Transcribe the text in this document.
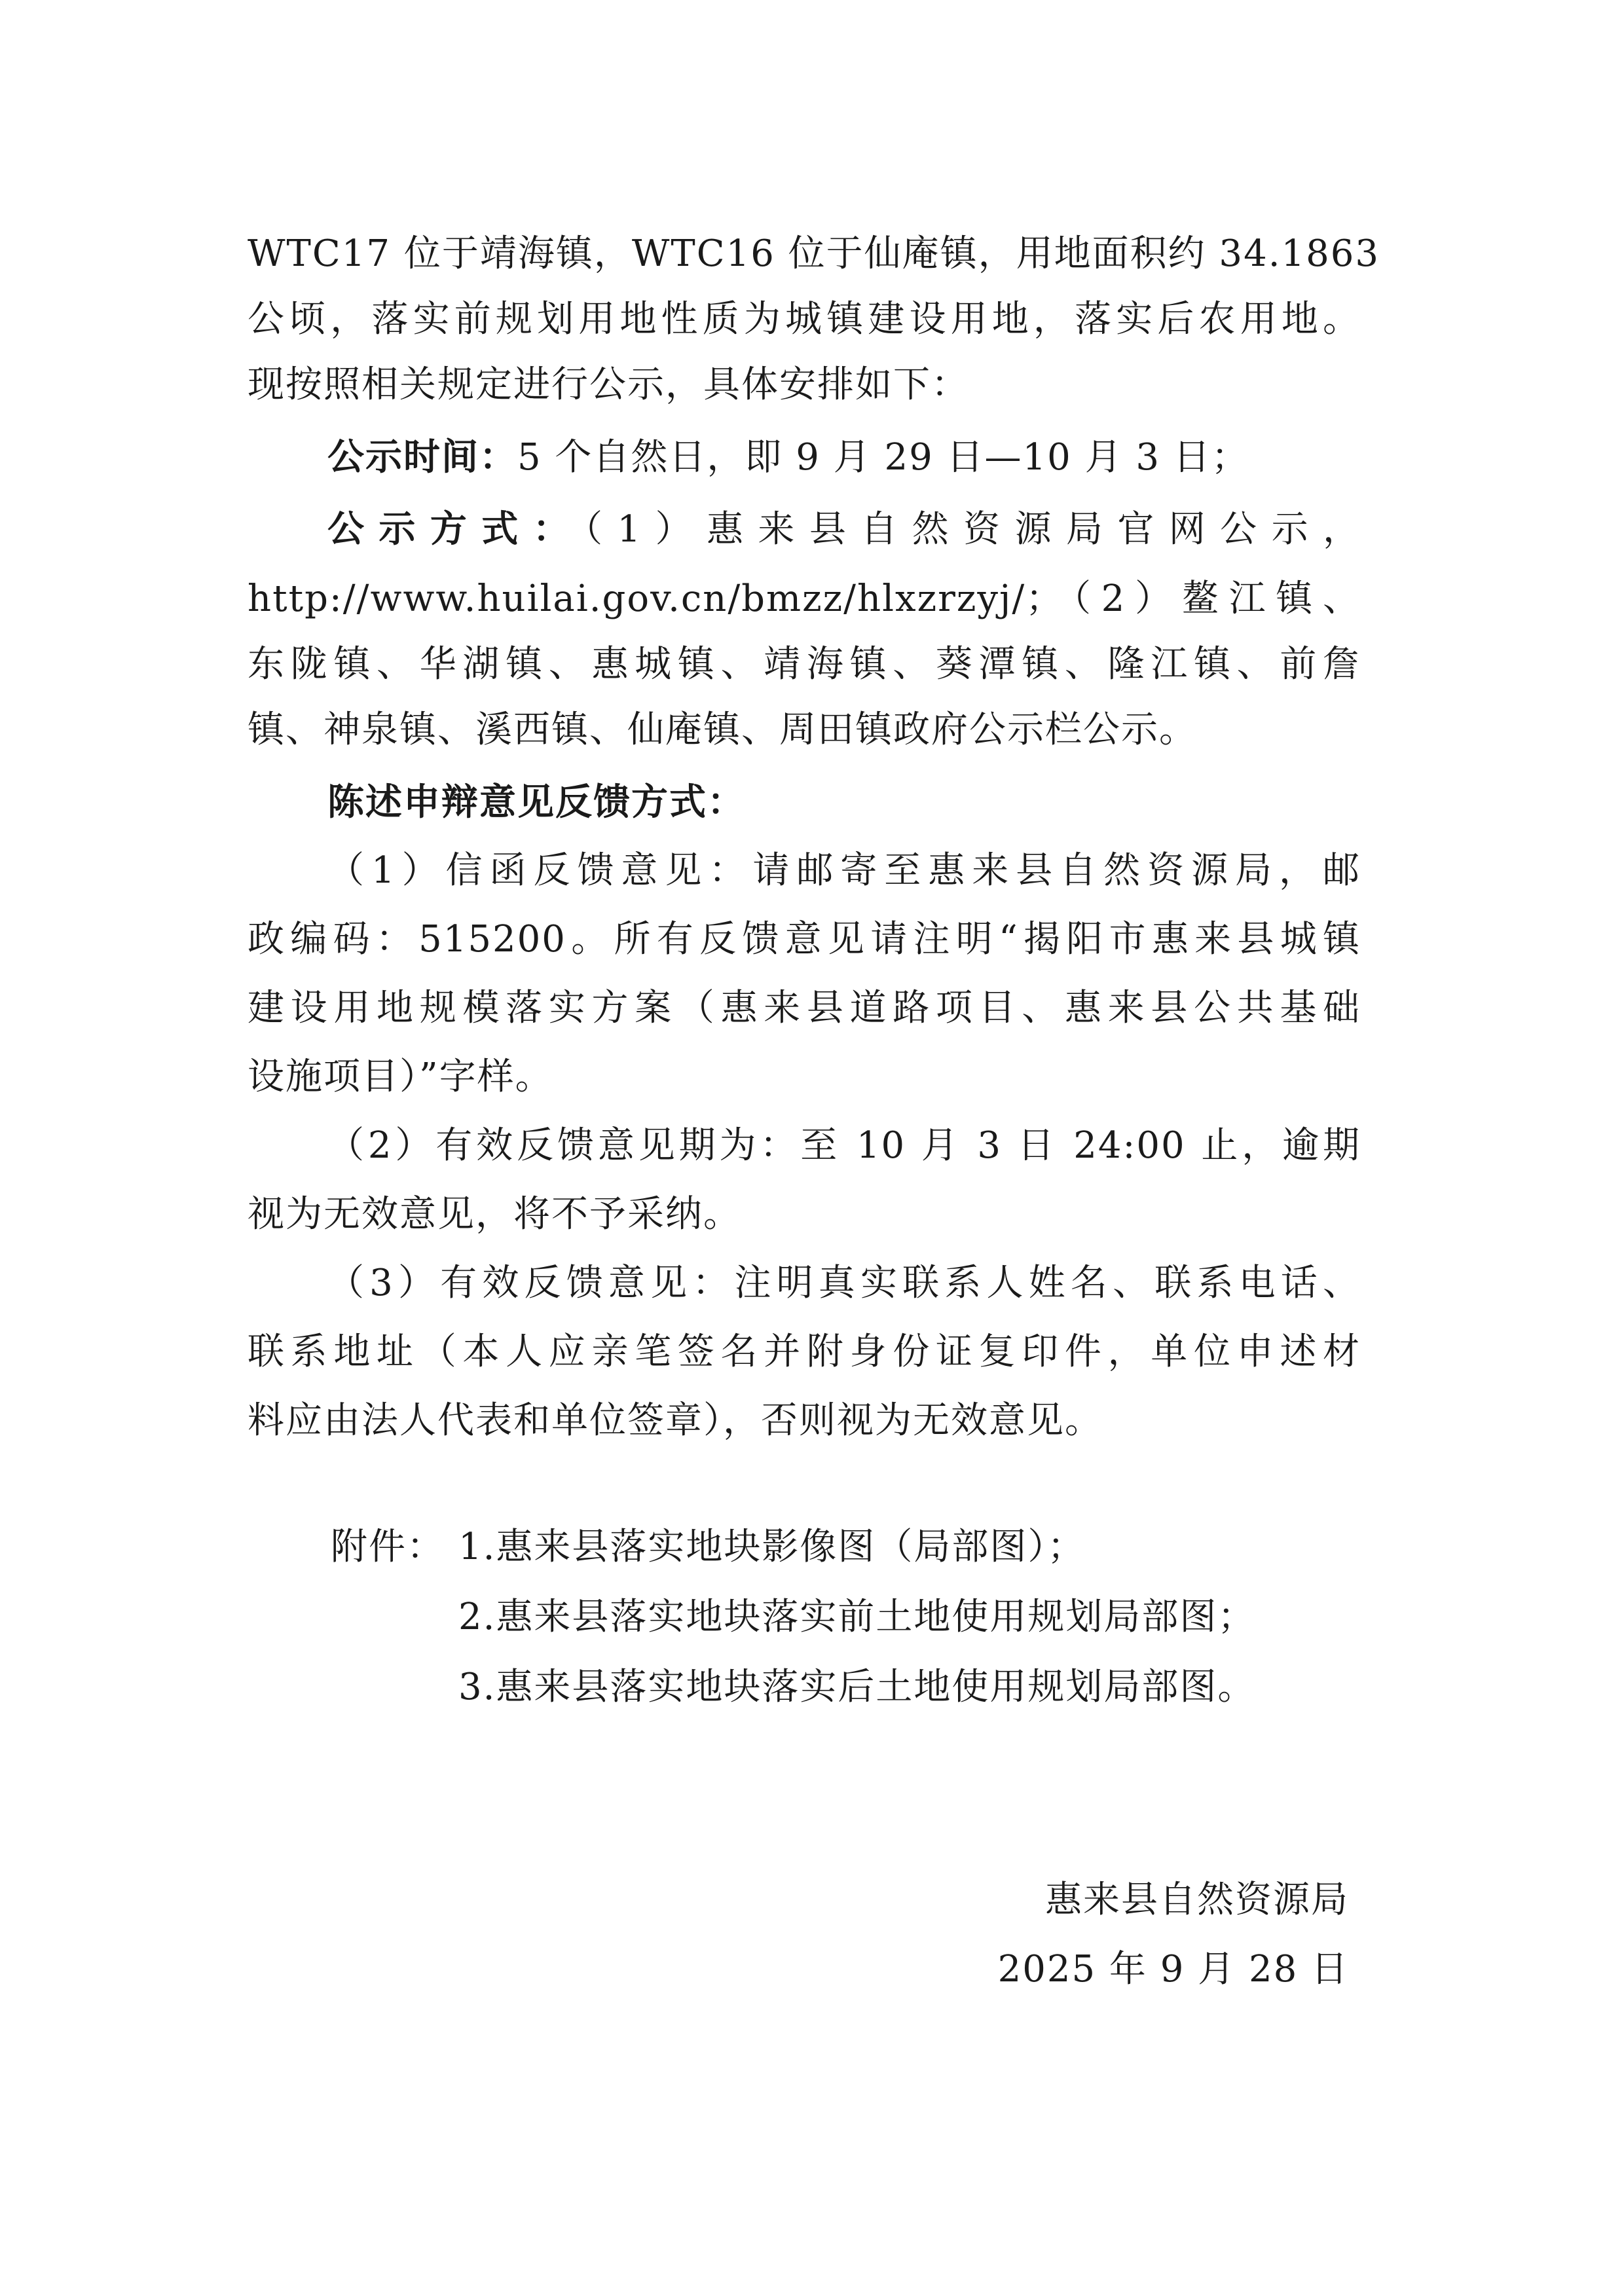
WTC17 位于靖海镇，WTC16 位于仙庵镇，用地面积约 34.1863
公顷，落实前规划用地性质为城镇建设用地，落实后农用地。
现按照相关规定进行公示，具体安排如下：
公示时间：5 个自然日，即 9 月 29 日—10 月 3 日；
公示方式：（1）惠来县自然资源局官网公示，
http://www.huilai.gov.cn/bmzz/hlxzrzyj/；（2）鳌江镇、
东陇镇、华湖镇、惠城镇、靖海镇、葵潭镇、隆江镇、前詹
镇、神泉镇、溪西镇、仙庵镇、周田镇政府公示栏公示。
陈述申辩意见反馈方式：
（1）信函反馈意见：请邮寄至惠来县自然资源局，邮
政编码：515200。所有反馈意见请注明“揭阳市惠来县城镇
建设用地规模落实方案（惠来县道路项目、惠来县公共基础
设施项目）”字样。
（2）有效反馈意见期为：至 10 月 3 日 24:00 止，逾期
视为无效意见，将不予采纳。
（3）有效反馈意见：注明真实联系人姓名、联系电话、
联系地址（本人应亲笔签名并附身份证复印件，单位申述材
料应由法人代表和单位签章），否则视为无效意见。
附件： 1.惠来县落实地块影像图（局部图）；
2.惠来县落实地块落实前土地使用规划局部图；
3.惠来县落实地块落实后土地使用规划局部图。
惠来县自然资源局
2025 年 9 月 28 日
